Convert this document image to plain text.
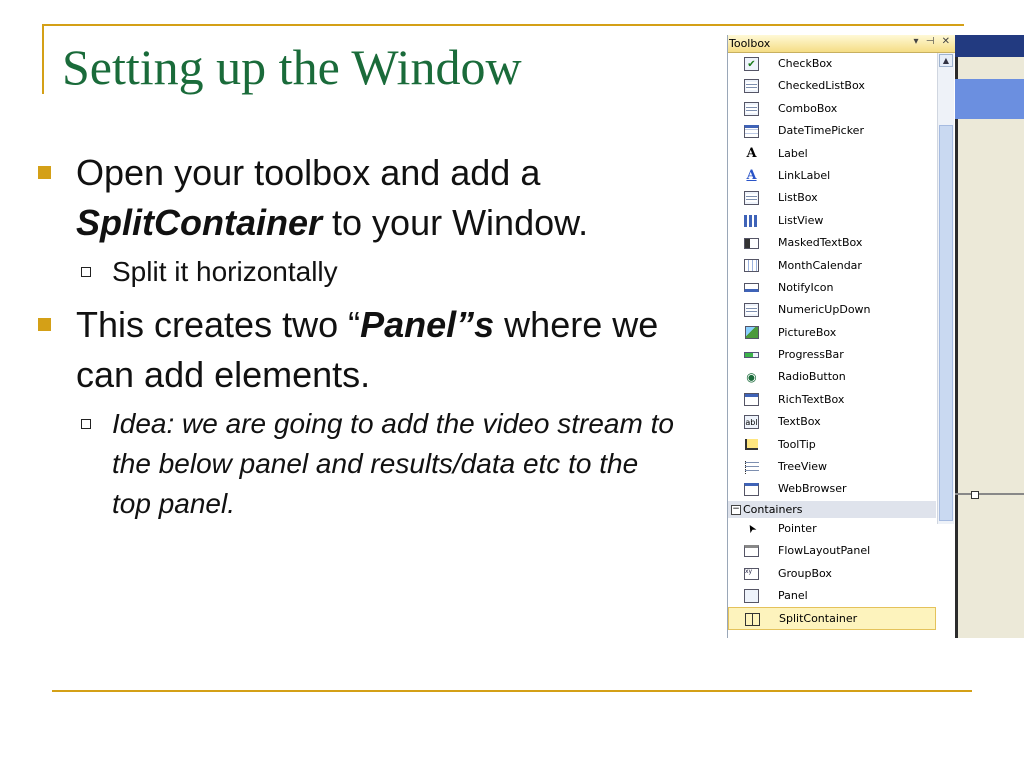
Setting up the Window
Open your toolbox and add a SplitContainer to your Window.
Split it horizontally
This creates two “Panel”s where we can add elements.
Idea: we are going to add the video stream to the below panel and results/data etc to the top panel.
Toolbox	▾ ⊣ ✕
✔ CheckBox
CheckedListBox
ComboBox
DateTimePicker
A Label
A LinkLabel
ListBox
ListView
MaskedTextBox
MonthCalendar
NotifyIcon
NumericUpDown
PictureBox
ProgressBar
◉ RadioButton
RichTextBox
abl TextBox
ToolTip
TreeView
WebBrowser
− Containers
➤ Pointer
FlowLayoutPanel
xy	GroupBox
Panel
SplitContainer
▲
